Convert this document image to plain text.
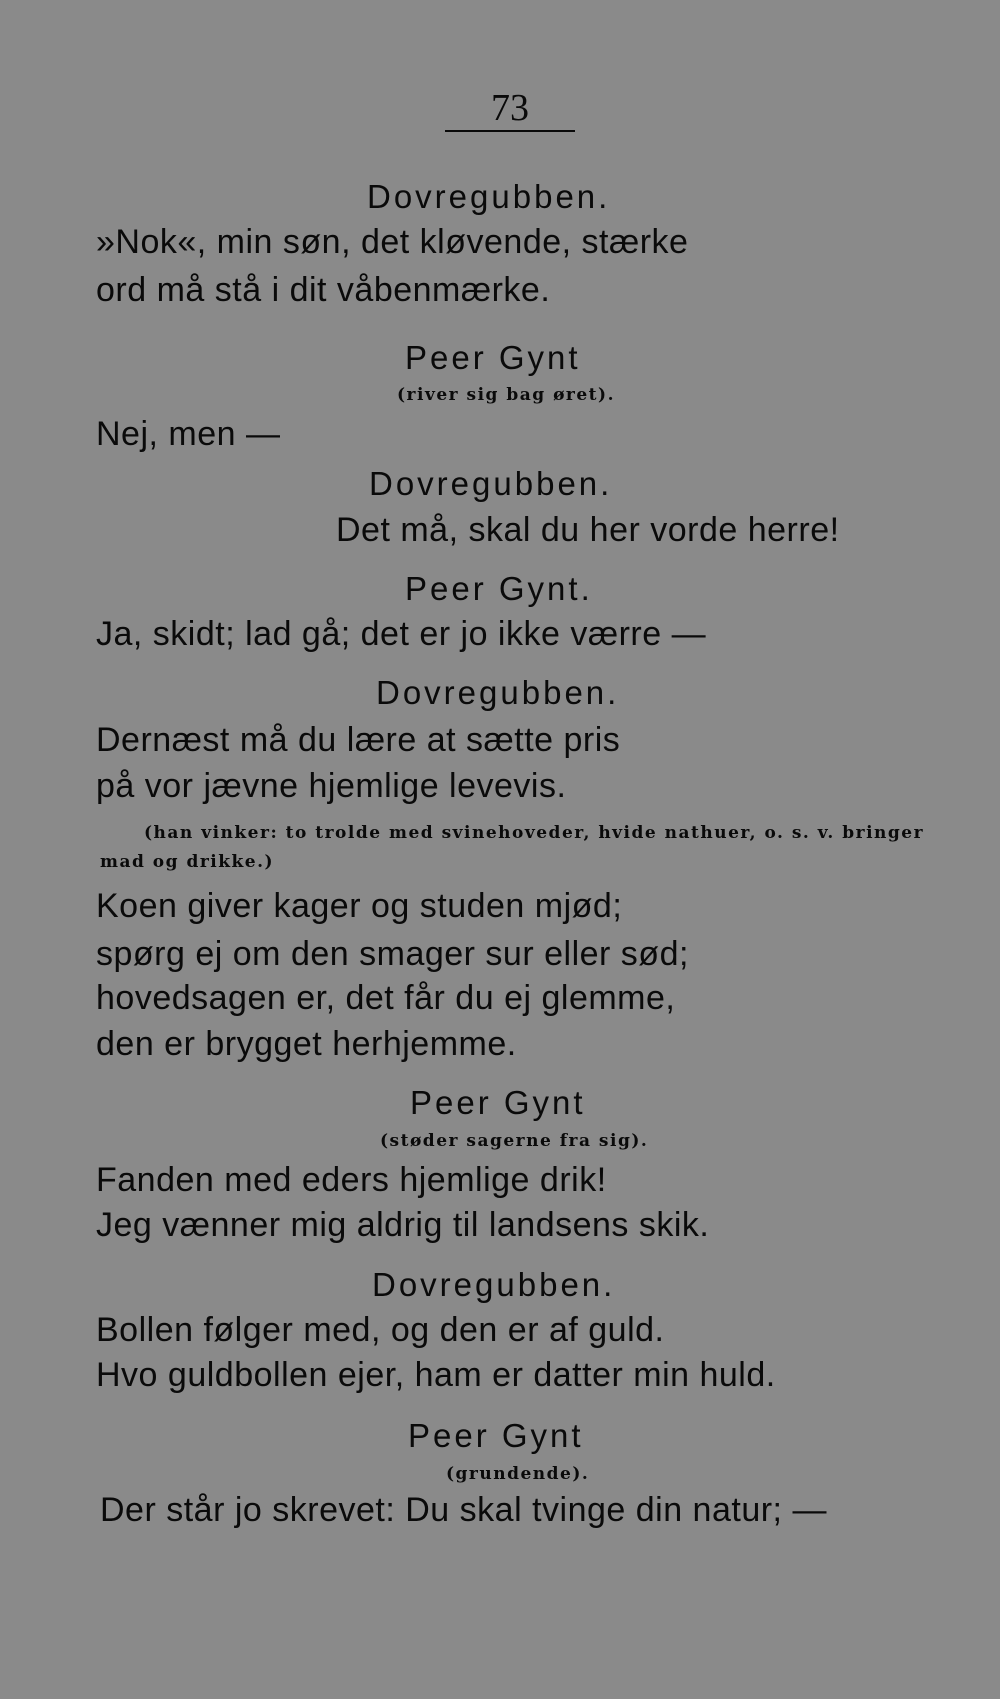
73
Dovregubben.
»Nok«, min søn, det kløvende, stærke
ord må stå i dit våbenmærke.
Peer Gynt
(river sig bag øret).
Nej, men —
Dovregubben.
Det må, skal du her vorde herre!
Peer Gynt.
Ja, skidt; lad gå; det er jo ikke værre —
Dovregubben.
Dernæst må du lære at sætte pris
på vor jævne hjemlige levevis.
(han vinker: to trolde med svinehoveder, hvide nathuer, o. s. v. bringer
mad og drikke.)
Koen giver kager og studen mjød;
spørg ej om den smager sur eller sød;
hovedsagen er, det får du ej glemme,
den er brygget herhjemme.
Peer Gynt
(støder sagerne fra sig).
Fanden med eders hjemlige drik!
Jeg vænner mig aldrig til landsens skik.
Dovregubben.
Bollen følger med, og den er af guld.
Hvo guldbollen ejer, ham er datter min huld.
Peer Gynt
(grundende).
Der står jo skrevet: Du skal tvinge din natur; —
